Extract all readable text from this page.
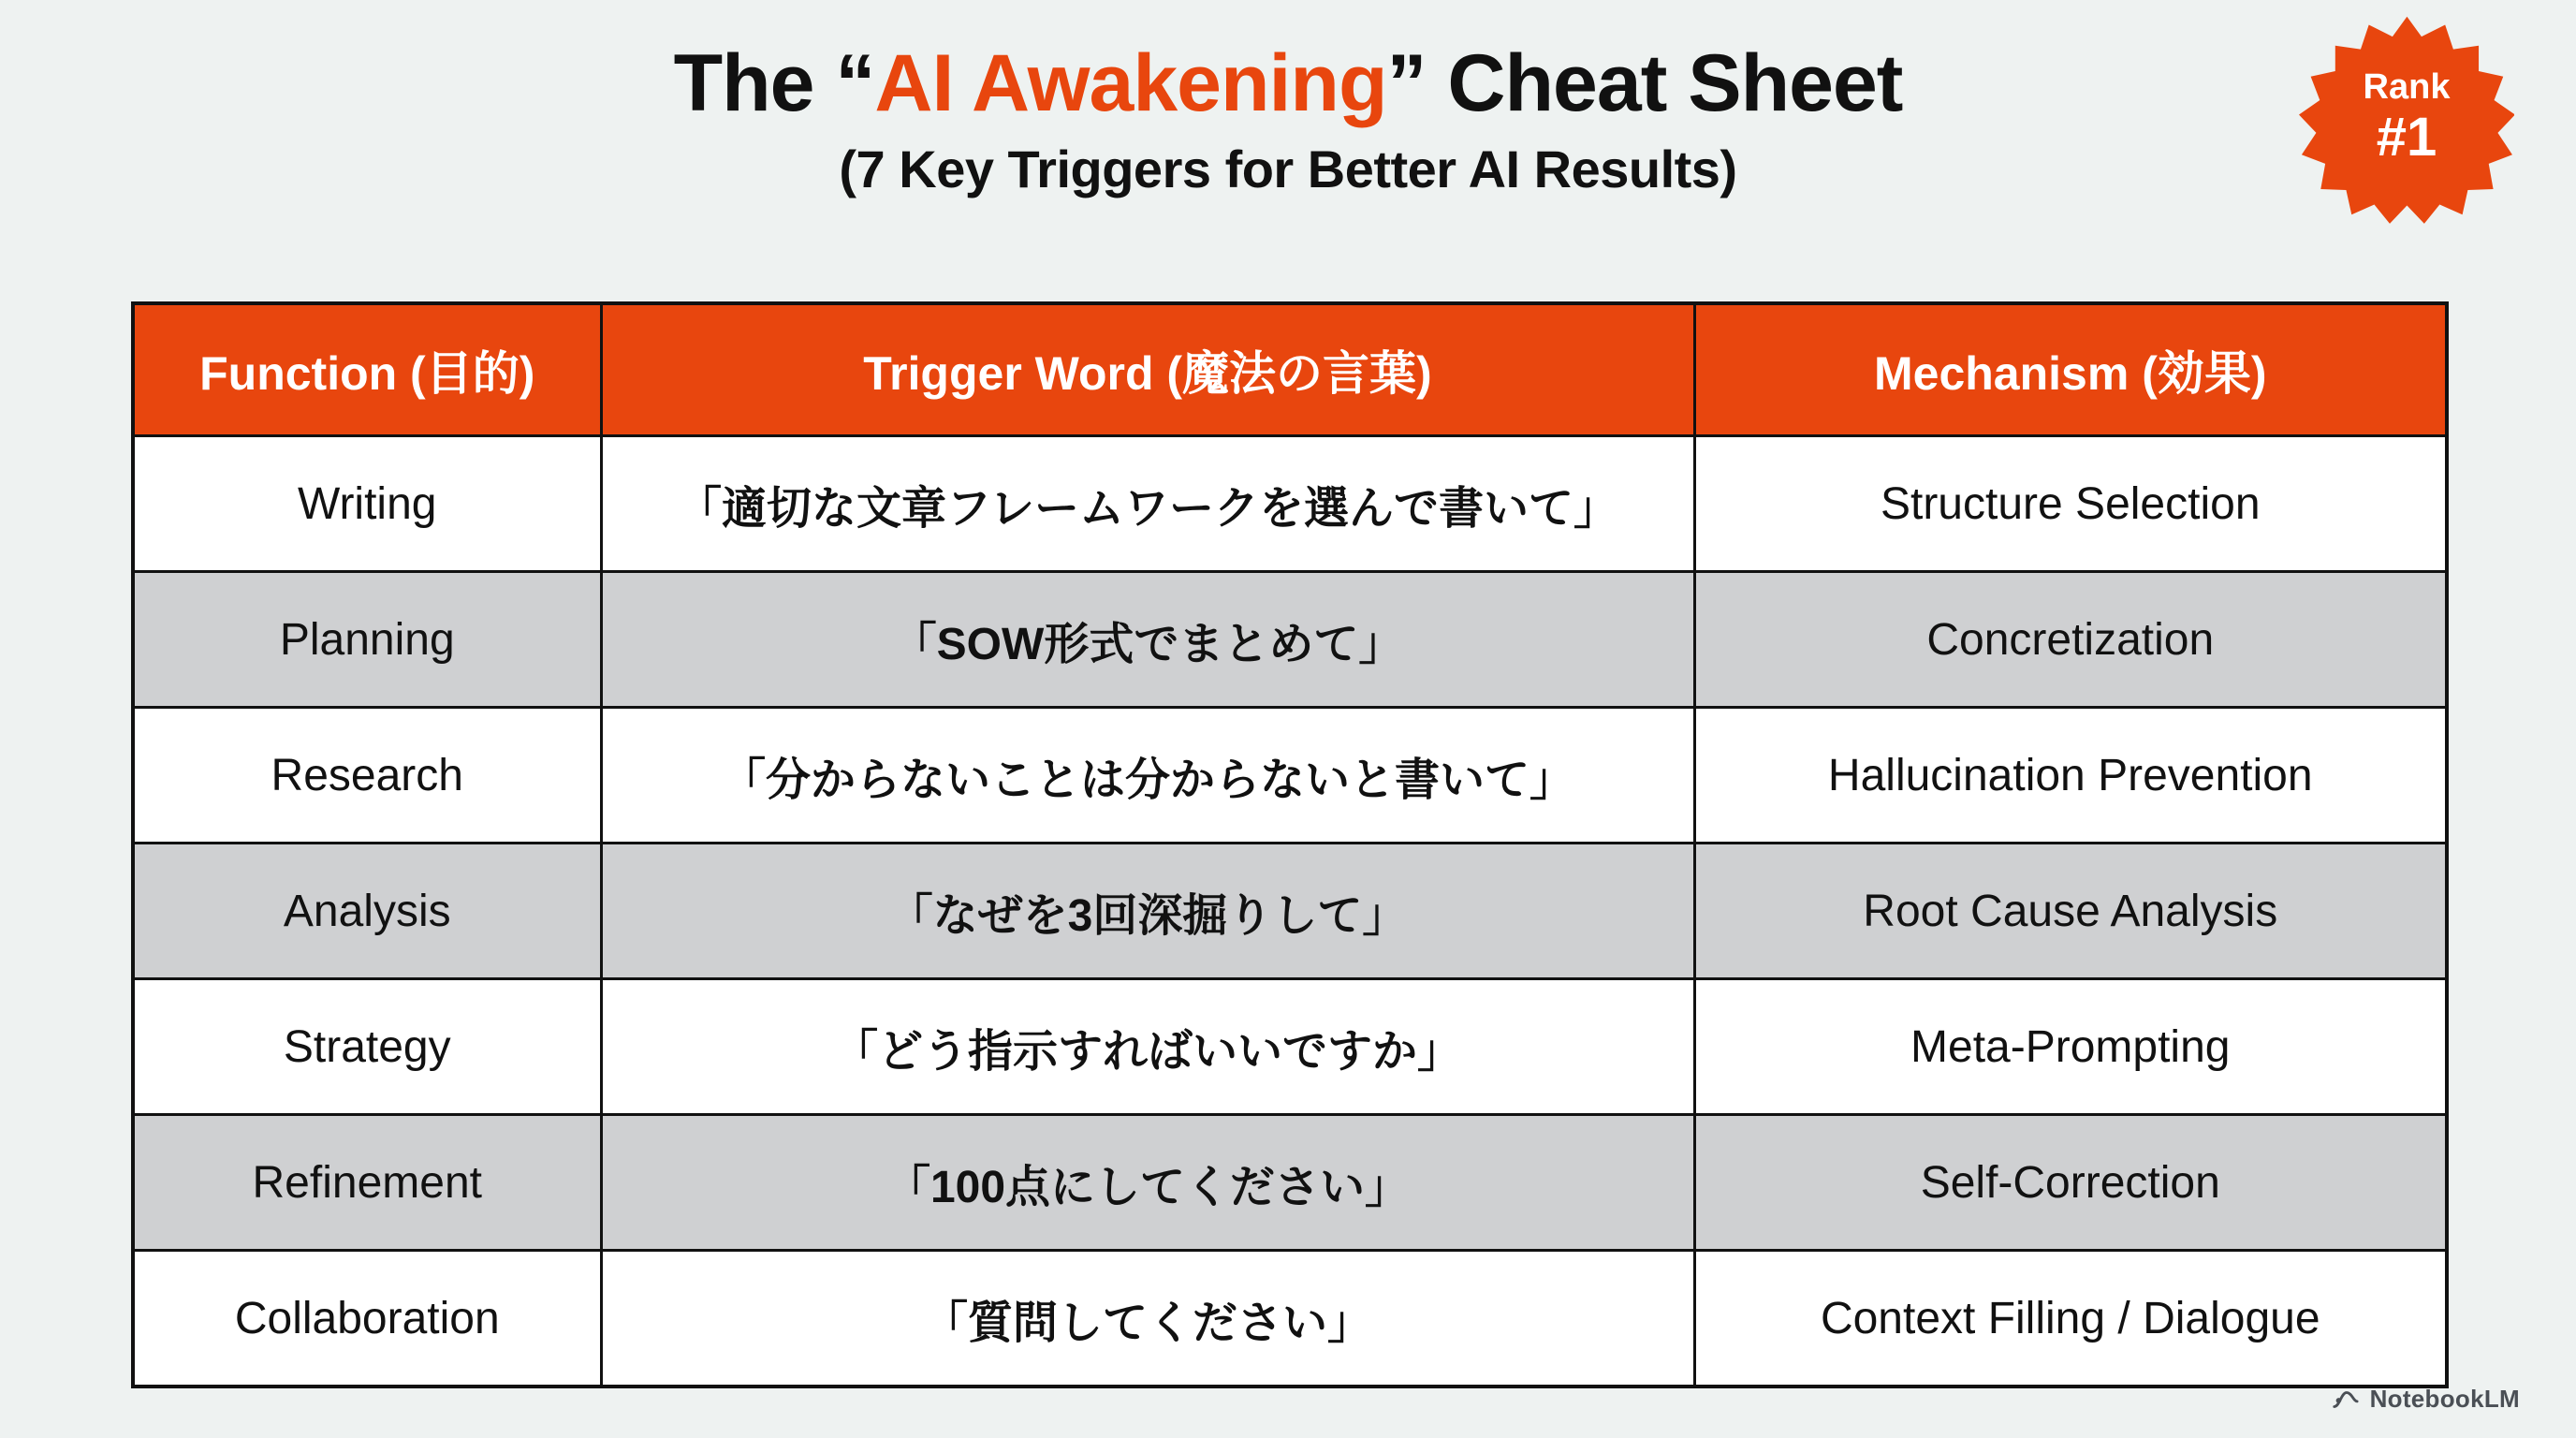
The “AI Awakening” Cheat Sheet
(7 Key Triggers for Better AI Results)
Rank
#1
Function (目的)	Trigger Word (魔法の言葉)	Mechanism (効果)
Writing	「適切な文章フレームワークを選んで書いて」	Structure Selection
Planning	「SOW形式でまとめて」	Concretization
Research	「分からないことは分からないと書いて」	Hallucination Prevention
Analysis	「なぜを3回深掘りして」	Root Cause Analysis
Strategy	「どう指示すればいいですか」	Meta-Prompting
Refinement	「100点にしてください」	Self-Correction
Collaboration	「質問してください」	Context Filling / Dialogue
NotebookLM
